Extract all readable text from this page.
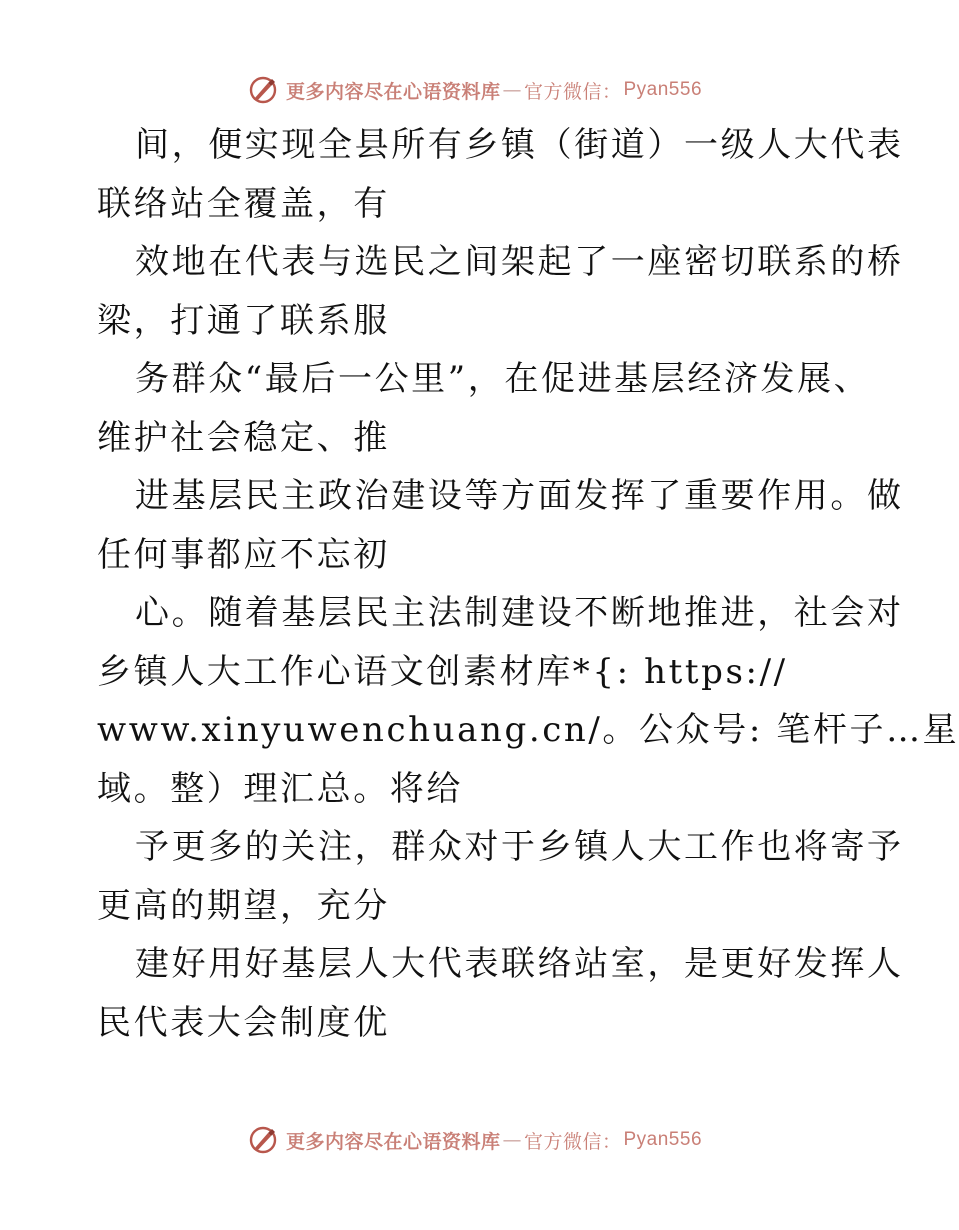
更多内容尽在心语资料库 — 官方微信： Pyan556
间，便实现全县所有乡镇（街道）一级人大代表
联络站全覆盖，有
效地在代表与选民之间架起了一座密切联系的桥
梁，打通了联系服
务群众“最后一公里”，在促进基层经济发展、
维护社会稳定、推
进基层民主政治建设等方面发挥了重要作用。做
任何事都应不忘初
心。随着基层民主法制建设不断地推进，社会对
乡镇人大工作心语文创素材库*{: https://
www.xinyuwenchuang.cn/。公众号: 笔杆子…星
域。整）理汇总。将给
予更多的关注，群众对于乡镇人大工作也将寄予
更高的期望，充分
建好用好基层人大代表联络站室，是更好发挥人
民代表大会制度优
更多内容尽在心语资料库 — 官方微信： Pyan556
